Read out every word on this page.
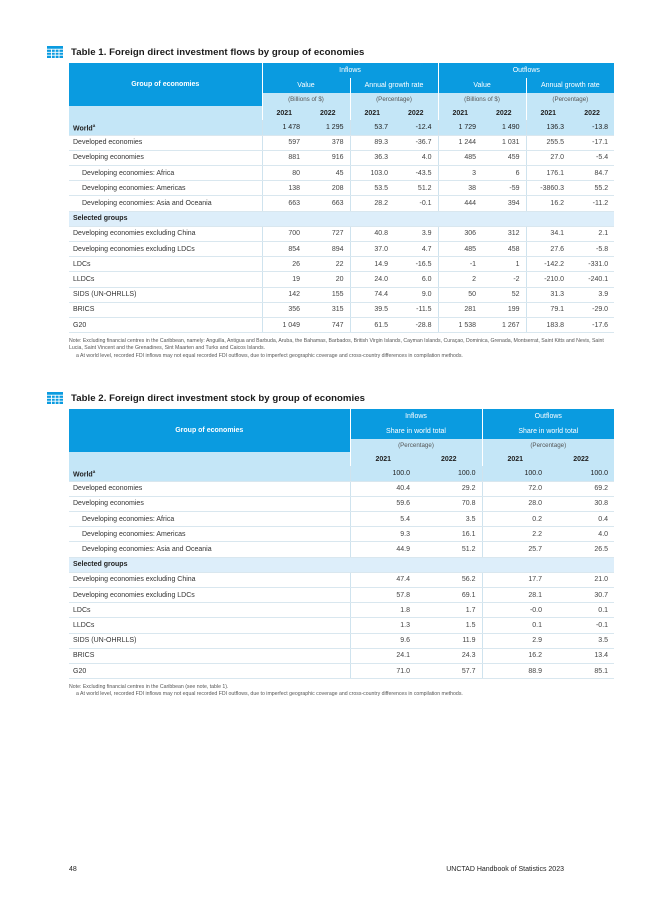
Table 1. Foreign direct investment flows by group of economies
Group of economies	Inflows				Outflows			
	Value		Annual growth rate		Value		Annual growth rate	
	(Billions of $)		(Percentage)		(Billions of $)		(Percentage)	
	2021	2022	2021	2022	2021	2022	2021	2022
World$^a$	1 478	1 295	53.7	-12.4	1 729	1 490	136.3	-13.8
Developed economies	597	378	89.3	-36.7	1 244	1 031	255.5	-17.1
Developing economies	881	916	36.3	4.0	485	459	27.0	-5.4
Developing economies: Africa	80	45	103.0	-43.5	3	6	176.1	84.7
Developing economies: Americas	138	208	53.5	51.2	38	-59	-3860.3	55.2
Developing economies: Asia and Oceania	663	663	28.2	-0.1	444	394	16.2	-11.2
Selected groups								
Developing economies excluding China	700	727	40.8	3.9	306	312	34.1	2.1
Developing economies excluding LDCs	854	894	37.0	4.7	485	458	27.6	-5.8
LDCs	26	22	14.9	-16.5	-1	1	-142.2	-331.0
LLDCs	19	20	24.0	6.0	2	-2	-210.0	-240.1
SIDS (UN-OHRLLS)	142	155	74.4	9.0	50	52	31.3	3.9
BRICS	356	315	39.5	-11.5	281	199	79.1	-29.0
G20	1 049	747	61.5	-28.8	1 538	1 267	183.8	-17.6
Note: Excluding financial centres in the Caribbean, namely: Anguilla, Antigua and Barbuda, Aruba, the Bahamas, Barbados, British Virgin Islands, Cayman Islands, Curaçao, Dominica, Grenada, Montserrat, Saint Kitts and Nevis, Saint Lucia, Saint Vincent and the Grenadines, Sint Maarten and Turks and Caicos Islands.
a At world level, recorded FDI inflows may not equal recorded FDI outflows, due to imperfect geographic coverage and cross-country differences in compilation methods.
Table 2. Foreign direct investment stock by group of economies
Group of economies	Inflows		Outflows	
	Share in world total		Share in world total	
	(Percentage)		(Percentage)	
	2021	2022	2021	2022
World$^a$	100.0	100.0	100.0	100.0
Developed economies	40.4	29.2	72.0	69.2
Developing economies	59.6	70.8	28.0	30.8
Developing economies: Africa	5.4	3.5	0.2	0.4
Developing economies: Americas	9.3	16.1	2.2	4.0
Developing economies: Asia and Oceania	44.9	51.2	25.7	26.5
Selected groups				
Developing economies excluding China	47.4	56.2	17.7	21.0
Developing economies excluding LDCs	57.8	69.1	28.1	30.7
LDCs	1.8	1.7	-0.0	0.1
LLDCs	1.3	1.5	0.1	-0.1
SIDS (UN-OHRLLS)	9.6	11.9	2.9	3.5
BRICS	24.1	24.3	16.2	13.4
G20	71.0	57.7	88.9	85.1
Note: Excluding financial centres in the Caribbean (see note, table 1).
a At world level, recorded FDI inflows may not equal recorded FDI outflows, due to imperfect geographic coverage and cross-country differences in compilation methods.
48	UNCTAD Handbook of Statistics 2023
